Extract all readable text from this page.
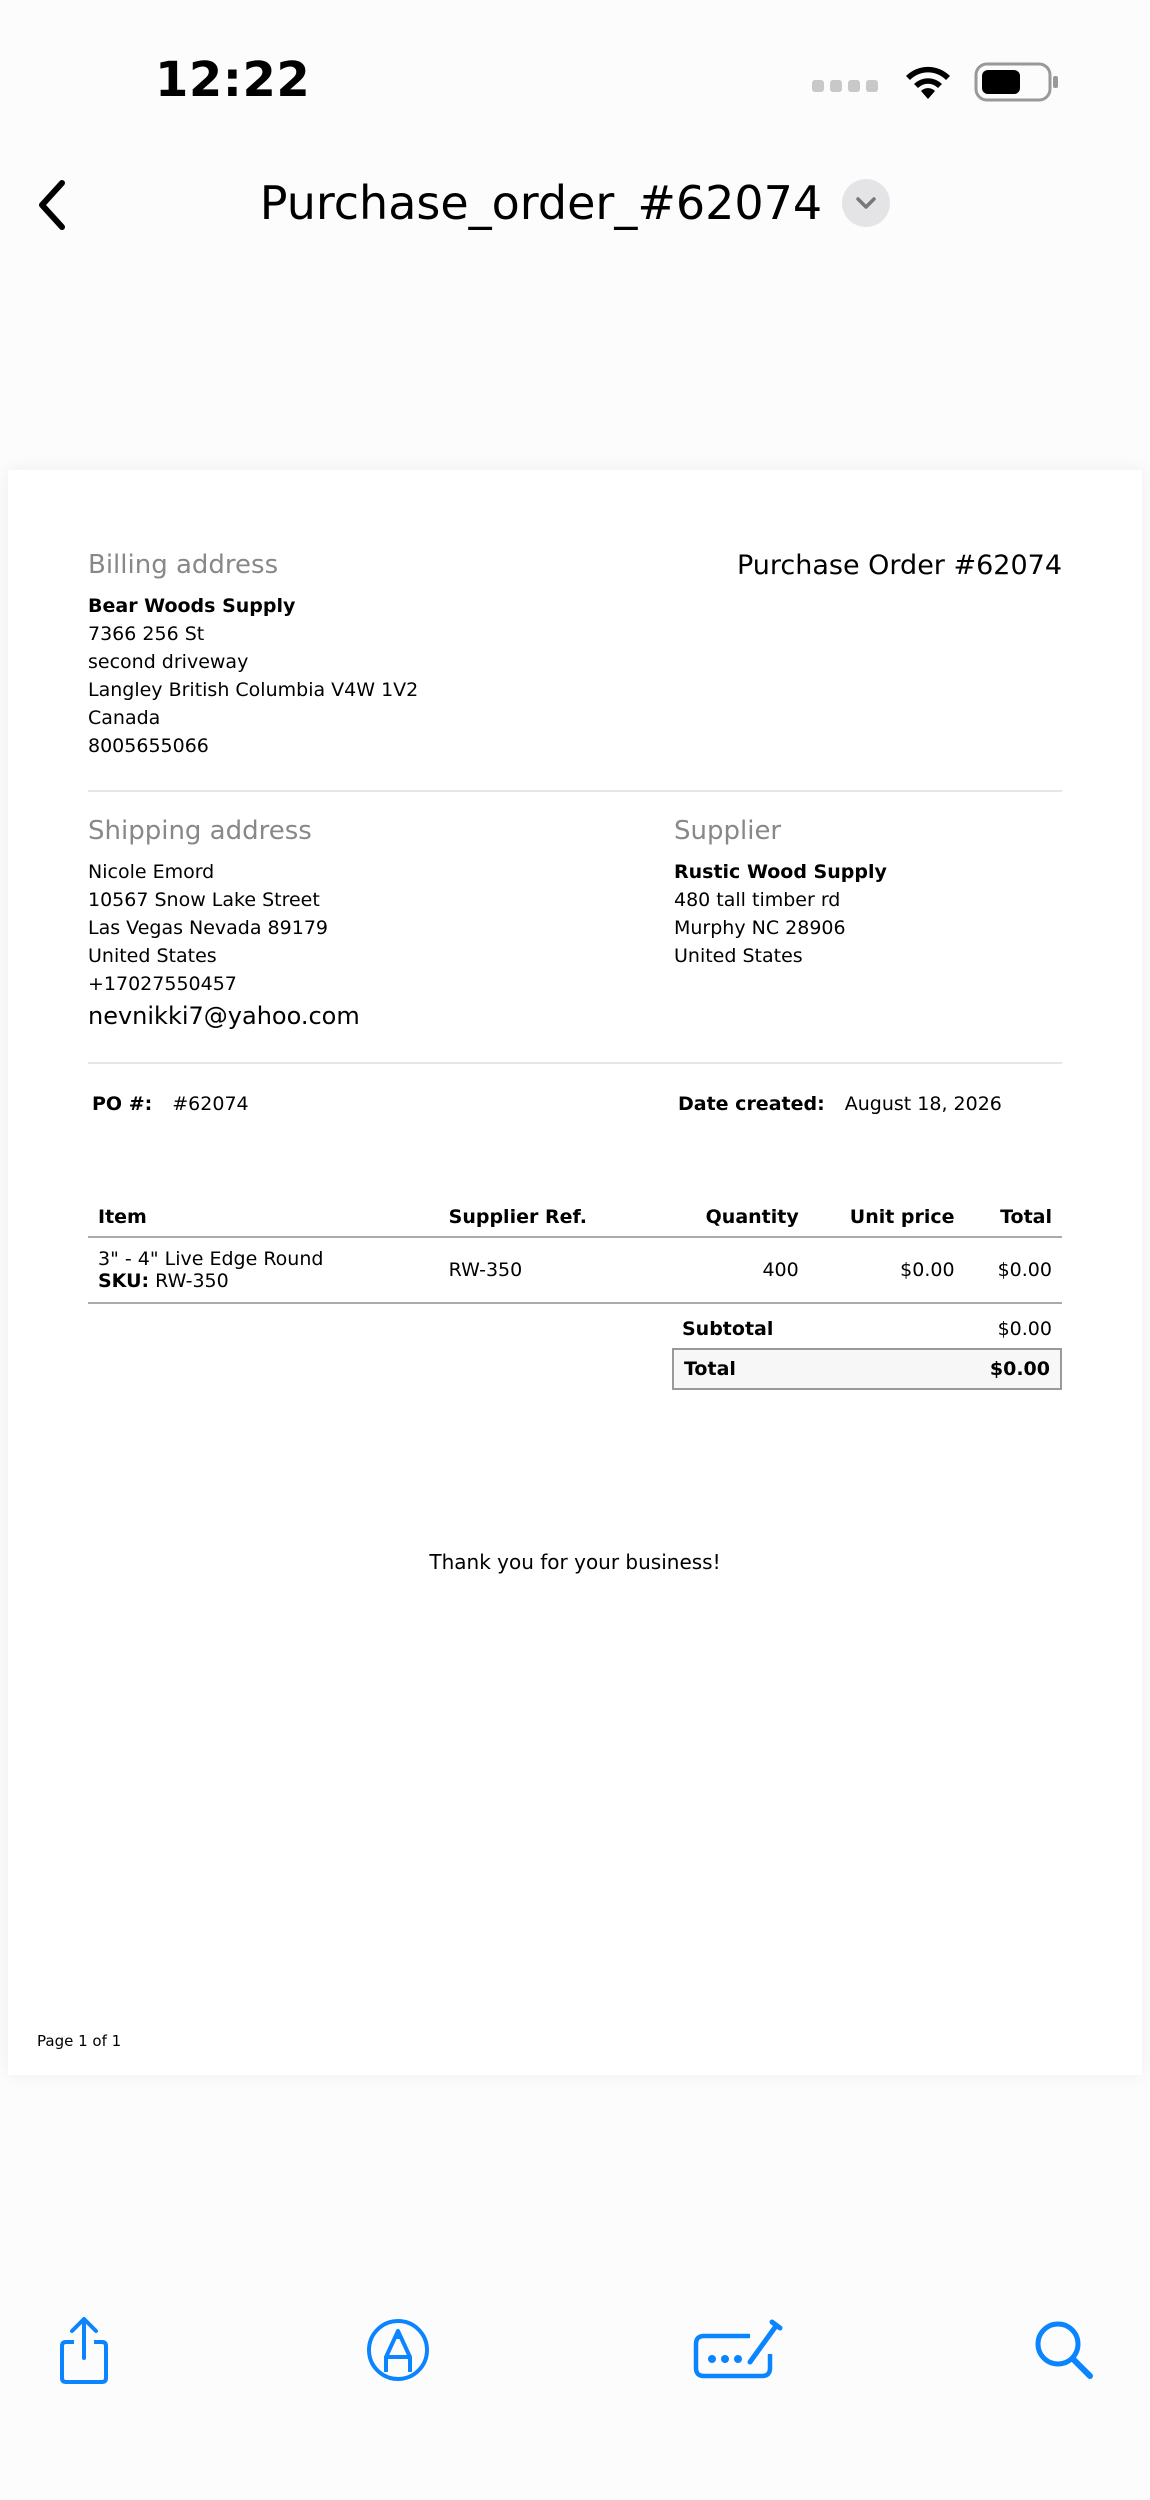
12:22
Purchase_order_#62074
Billing address
Bear Woods Supply
7366 256 St
second driveway
Langley British Columbia V4W 1V2
Canada
8005655066
Purchase Order #62074
Shipping address
Nicole Emord
10567 Snow Lake Street
Las Vegas Nevada 89179
United States
+17027550457
nevnikki7@yahoo.com
Supplier
Rustic Wood Supply
480 tall timber rd
Murphy NC 28906
United States
PO #: #62074	Date created: August 18, 2026
Item	Supplier Ref.	Quantity	Unit price	Total

3" - 4" Live Edge Round
SKU: RW-350	RW-350	400	$0.00	$0.00
Subtotal	$0.00
Total	$0.00
Thank you for your business!
Page 1 of 1
